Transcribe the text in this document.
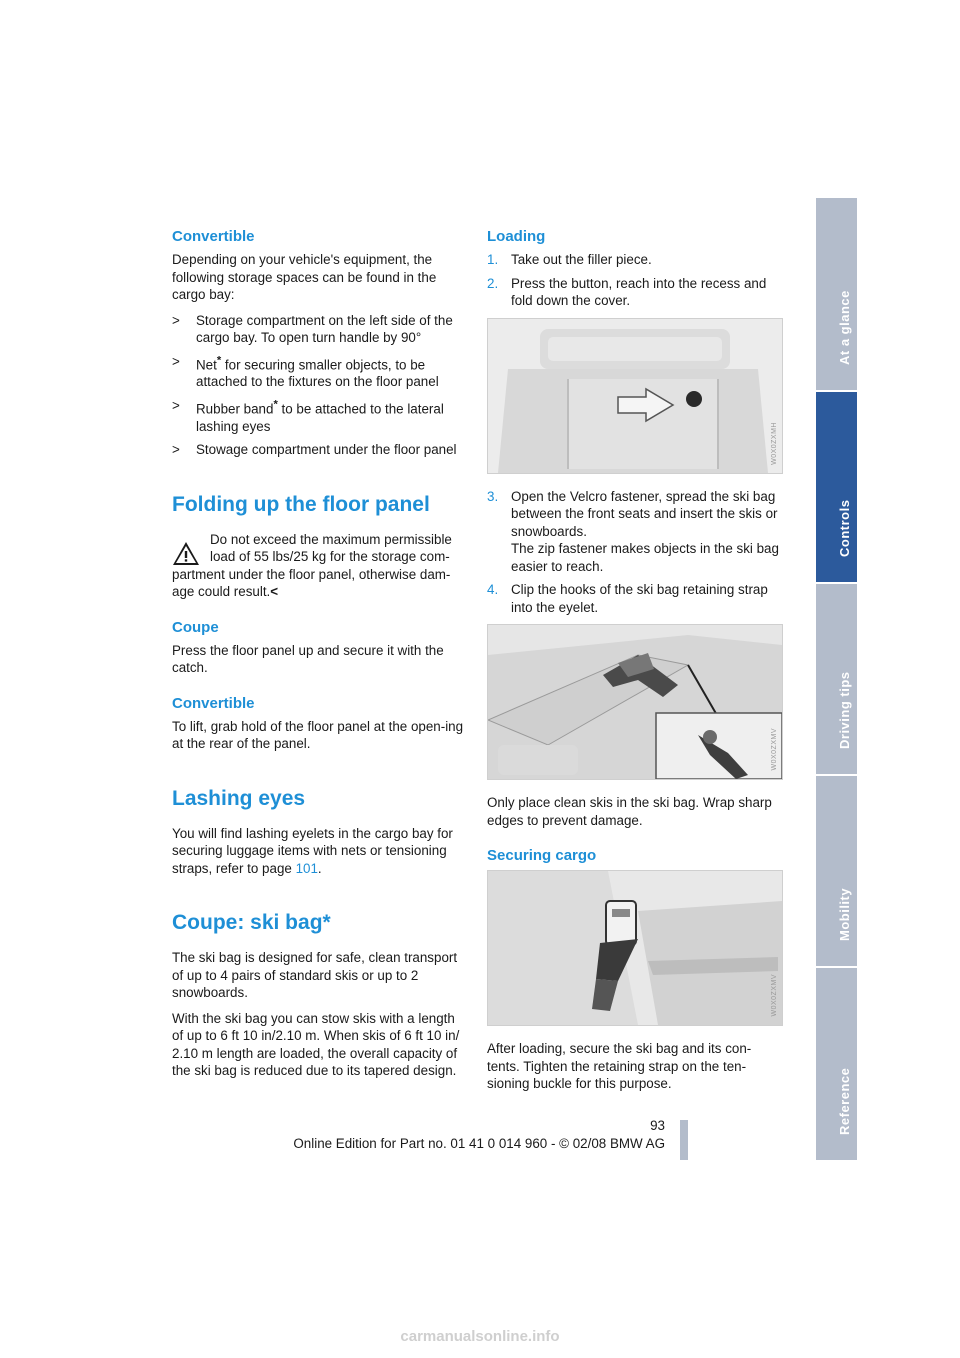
Convertible

Depending on your vehicle's equipment, the following storage spaces can be found in the cargo bay:

> Storage compartment on the left side of the cargo bay. To open turn handle by 90°
> Net* for securing smaller objects, to be attached to the fixtures on the floor panel
> Rubber band* to be attached to the lateral lashing eyes
> Stowage compartment under the floor panel
Folding up the floor panel

Do not exceed the maximum permissible load of 55 lbs/25 kg for the storage com-

partment under the floor panel, otherwise dam-age could result.<

Coupe

Press the floor panel up and secure it with the catch.

Convertible

To lift, grab hold of the floor panel at the open-ing at the rear of the panel.

Lashing eyes

You will find lashing eyelets in the cargo bay for securing luggage items with nets or tensioning straps, refer to page 101.

Coupe: ski bag*

The ski bag is designed for safe, clean transport of up to 4 pairs of standard skis or up to 2 snowboards.

With the ski bag you can stow skis with a length of up to 6 ft 10 in/2.10 m. When skis of 6 ft 10 in/ 2.10 m length are loaded, the overall capacity of the ski bag is reduced due to its tapered design.

Loading
1. Take out the filler piece.
2. Press the button, reach into the recess and fold down the cover.
W0X0ZXMH
3. Open the Velcro fastener, spread the ski bag between the front seats and insert the skis or snowboards.
The zip fastener makes objects in the ski bag easier to reach.
4. Clip the hooks of the ski bag retaining strap into the eyelet.
W0X0ZXMV

Only place clean skis in the ski bag. Wrap sharp edges to prevent damage.

Securing cargo
W0X0ZXMV

After loading, secure the ski bag and its con-tents. Tighten the retaining strap on the ten-sioning buckle for this purpose.

At a glance
Controls
Driving tips
Mobility
Reference
93
Online Edition for Part no. 01 41 0 014 960 - © 02/08 BMW AG
carmanualsonline.info
